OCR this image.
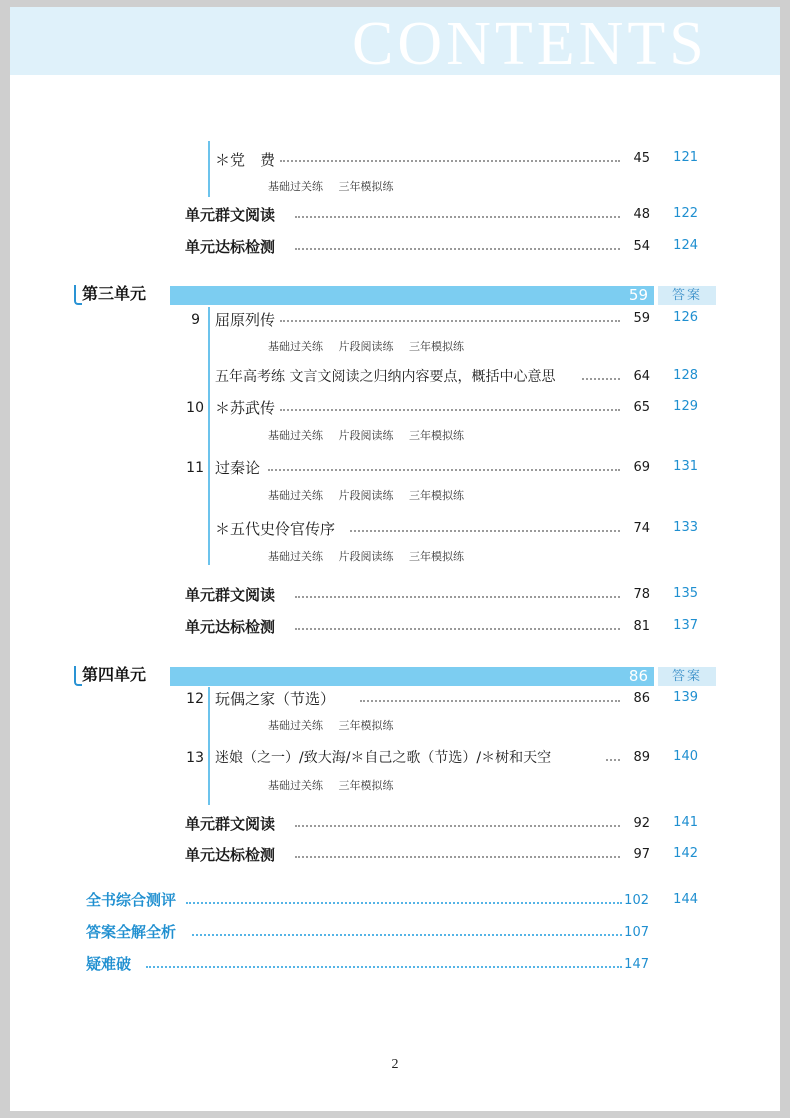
CONTENTS
＊党　费	45	121
基础过关练 三年模拟练
单元群文阅读	48	122
单元达标检测	54	124
第三单元	59	答案
9 屈原列传	59	126
基础过关练 片段阅读练 三年模拟练
五年高考练 文言文阅读之归纳内容要点，概括中心意思	64	128
10 ＊苏武传	65	129
基础过关练 片段阅读练 三年模拟练
11 过秦论	69	131
基础过关练 片段阅读练 三年模拟练
＊五代史伶官传序	74	133
基础过关练 片段阅读练 三年模拟练
单元群文阅读	78	135
单元达标检测	81	137
第四单元	86	答案
12 玩偶之家（节选）	86	139
基础过关练 三年模拟练
13 迷娘（之一）/致大海/＊自己之歌（节选）/＊树和天空	89	140
基础过关练 三年模拟练
单元群文阅读	92	141
单元达标检测	97	142
全书综合测评	102	144
答案全解全析	107
疑难破	147
2
